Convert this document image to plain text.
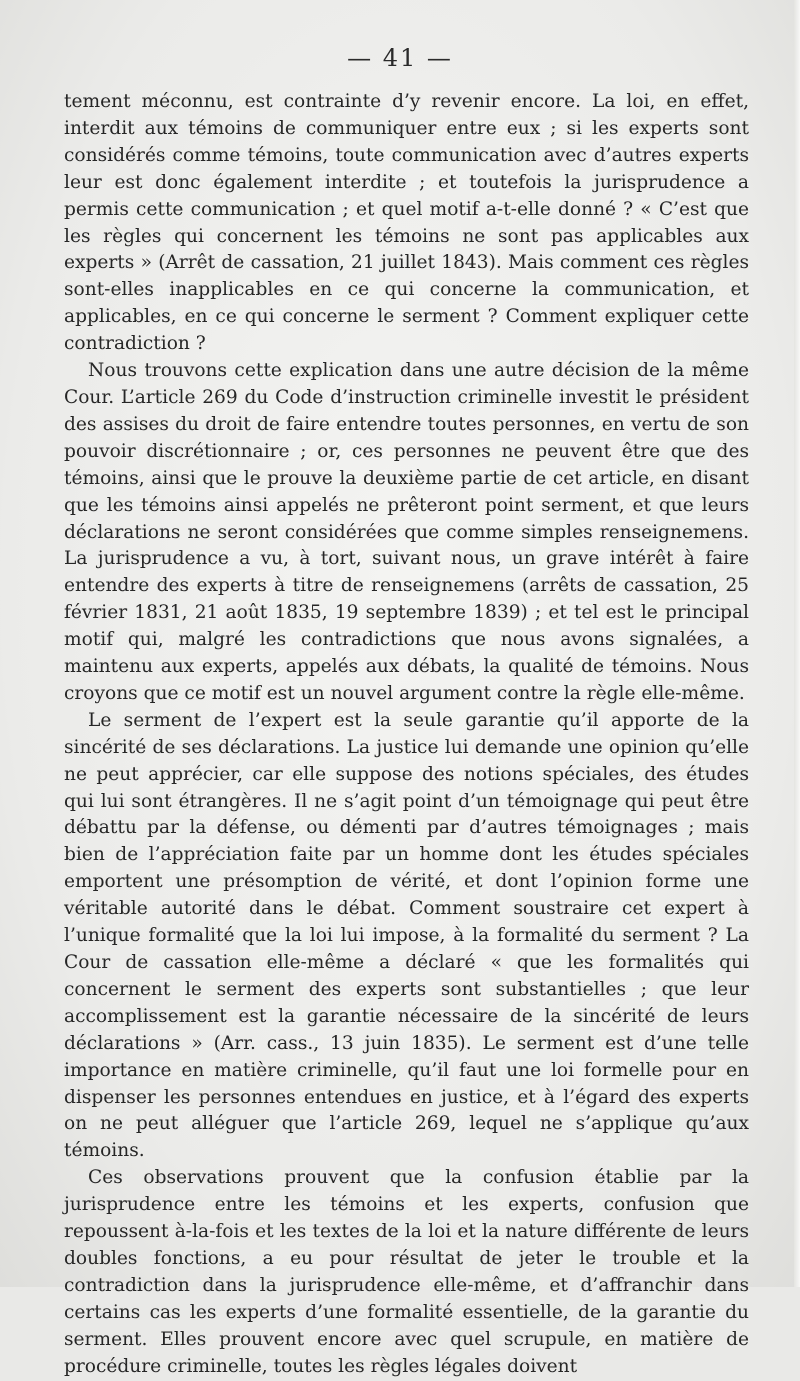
— 41 —

tement méconnu, est contrainte d’y revenir encore. La loi, en effet, interdit aux témoins de communiquer entre eux ; si les experts sont considérés comme témoins, toute communication avec d’autres experts leur est donc également interdite ; et toutefois la jurisprudence a permis cette communication ; et quel motif a-t-elle donné ? « C’est que les règles qui concernent les témoins ne sont pas applicables aux experts » (Arrêt de cassation, 21 juillet 1843). Mais comment ces règles sont-elles inapplicables en ce qui concerne la communication, et applicables, en ce qui concerne le serment ? Comment expliquer cette contradiction ?

Nous trouvons cette explication dans une autre décision de la même Cour. L’article 269 du Code d’instruction criminelle investit le président des assises du droit de faire entendre toutes personnes, en vertu de son pouvoir discrétionnaire ; or, ces personnes ne peuvent être que des témoins, ainsi que le prouve la deuxième partie de cet article, en disant que les témoins ainsi appelés ne prêteront point serment, et que leurs déclarations ne seront considérées que comme simples renseignemens. La jurisprudence a vu, à tort, suivant nous, un grave intérêt à faire entendre des experts à titre de renseignemens (arrêts de cassation, 25 février 1831, 21 août 1835, 19 septembre 1839) ; et tel est le principal motif qui, malgré les contradictions que nous avons signalées, a maintenu aux experts, appelés aux débats, la qualité de témoins. Nous croyons que ce motif est un nouvel argument contre la règle elle-même.

Le serment de l’expert est la seule garantie qu’il apporte de la sincérité de ses déclarations. La justice lui demande une opinion qu’elle ne peut apprécier, car elle suppose des notions spéciales, des études qui lui sont étrangères. Il ne s’agit point d’un témoignage qui peut être débattu par la défense, ou démenti par d’autres témoignages ; mais bien de l’appréciation faite par un homme dont les études spéciales emportent une présomption de vérité, et dont l’opinion forme une véritable autorité dans le débat. Comment soustraire cet expert à l’unique formalité que la loi lui impose, à la formalité du serment ? La Cour de cassation elle-même a déclaré « que les formalités qui concernent le serment des experts sont substantielles ; que leur accomplissement est la garantie nécessaire de la sincérité de leurs déclarations » (Arr. cass., 13 juin 1835). Le serment est d’une telle importance en matière criminelle, qu’il faut une loi formelle pour en dispenser les personnes entendues en justice, et à l’égard des experts on ne peut alléguer que l’article 269, lequel ne s’applique qu’aux témoins.

Ces observations prouvent que la confusion établie par la jurisprudence entre les témoins et les experts, confusion que repoussent à-la-fois et les textes de la loi et la nature différente de leurs doubles fonctions, a eu pour résultat de jeter le trouble et la contradiction dans la jurisprudence elle-même, et d’affranchir dans certains cas les experts d’une formalité essentielle, de la garantie du serment. Elles prouvent encore avec quel scrupule, en matière de procédure criminelle, toutes les règles légales doivent
